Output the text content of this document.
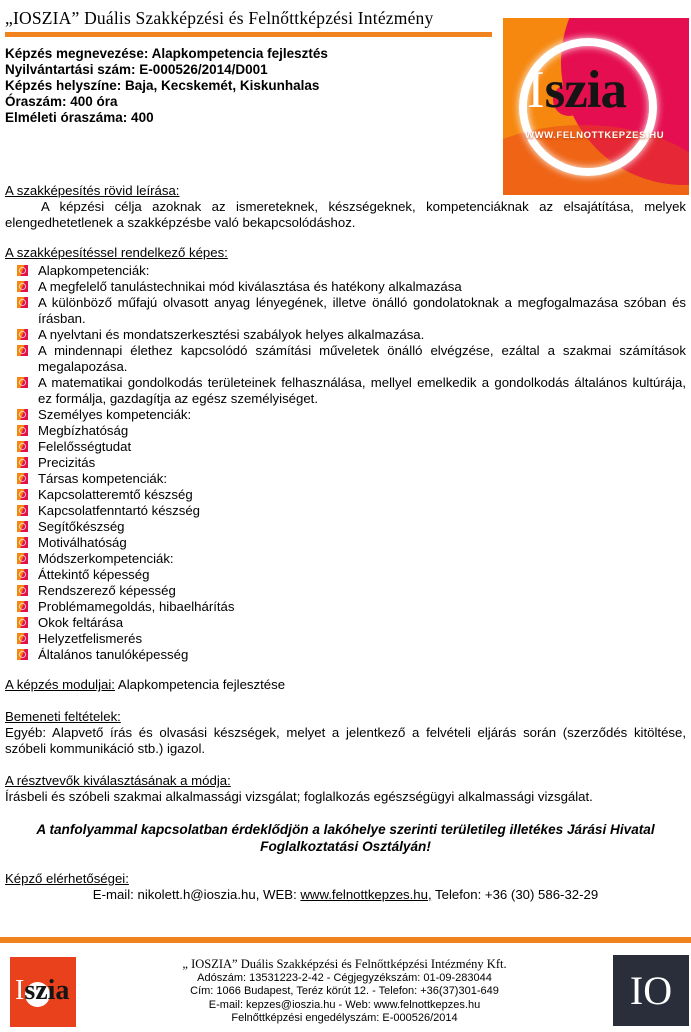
„IOSZIA” Duális Szakképzési és Felnőttképzési Intézmény
Iszia
WWW.FELNOTTKEPZES.HU
Képzés megnevezése: Alapkompetencia fejlesztés
Nyilvántartási szám: E-000526/2014/D001
Képzés helyszíne: Baja, Kecskemét, Kiskunhalas
Óraszám: 400 óra
Elméleti óraszáma: 400
A szakképesítés rövid leírása:

A képzési célja azoknak az ismereteknek, készségeknek, kompetenciáknak az elsajátítása, melyek elengedhetetlenek a szakképzésbe való bekapcsolódáshoz.

A szakképesítéssel rendelkező képes:
Alapkompetenciák:
A megfelelő tanulástechnikai mód kiválasztása és hatékony alkalmazása
A különböző műfajú olvasott anyag lényegének, illetve önálló gondolatoknak a megfogalmazása szóban és írásban.
A nyelvtani és mondatszerkesztési szabályok helyes alkalmazása.
A mindennapi élethez kapcsolódó számítási műveletek önálló elvégzése, ezáltal a szakmai számítások megalapozása.
A matematikai gondolkodás területeinek felhasználása, mellyel emelkedik a gondolkodás általános kultúrája, ez formálja, gazdagítja az egész személyiséget.
Személyes kompetenciák:
Megbízhatóság
Felelősségtudat
Precizitás
Társas kompetenciák:
Kapcsolatteremtő készség
Kapcsolatfenntartó készség
Segítőkészség
Motiválhatóság
Módszerkompetenciák:
Áttekintő képesség
Rendszerező képesség
Problémamegoldás, hibaelhárítás
Okok feltárása
Helyzetfelismerés
Általános tanulóképesség
A képzés moduljai: Alapkompetencia fejlesztése
Bemeneti feltételek:

Egyéb: Alapvető írás és olvasási készségek, melyet a jelentkező a felvételi eljárás során (szerződés kitöltése, szóbeli kommunikáció stb.) igazol.

A résztvevők kiválasztásának a módja:

Írásbeli és szóbeli szakmai alkalmassági vizsgálat; foglalkozás egészségügyi alkalmassági vizsgálat.

A tanfolyammal kapcsolatban érdeklődjön a lakóhelye szerinti területileg illetékes Járási Hivatal Foglalkoztatási Osztályán!
Képző elérhetőségei:

E-mail: nikolett.h@ioszia.hu, WEB: www.felnottkepzes.hu, Telefon: +36 (30) 586-32-29

Iszia
„ IOSZIA” Duális Szakképzési és Felnőttképzési Intézmény Kft.
Adószám: 13531223-2-42 - Cégjegyzékszám: 01-09-283044
Cím: 1066 Budapest, Teréz körút 12. - Telefon: +36(37)301-649
E-mail: kepzes@ioszia.hu - Web: www.felnottkepzes.hu
Felnőttképzési engedélyszám: E-000526/2014
IO
